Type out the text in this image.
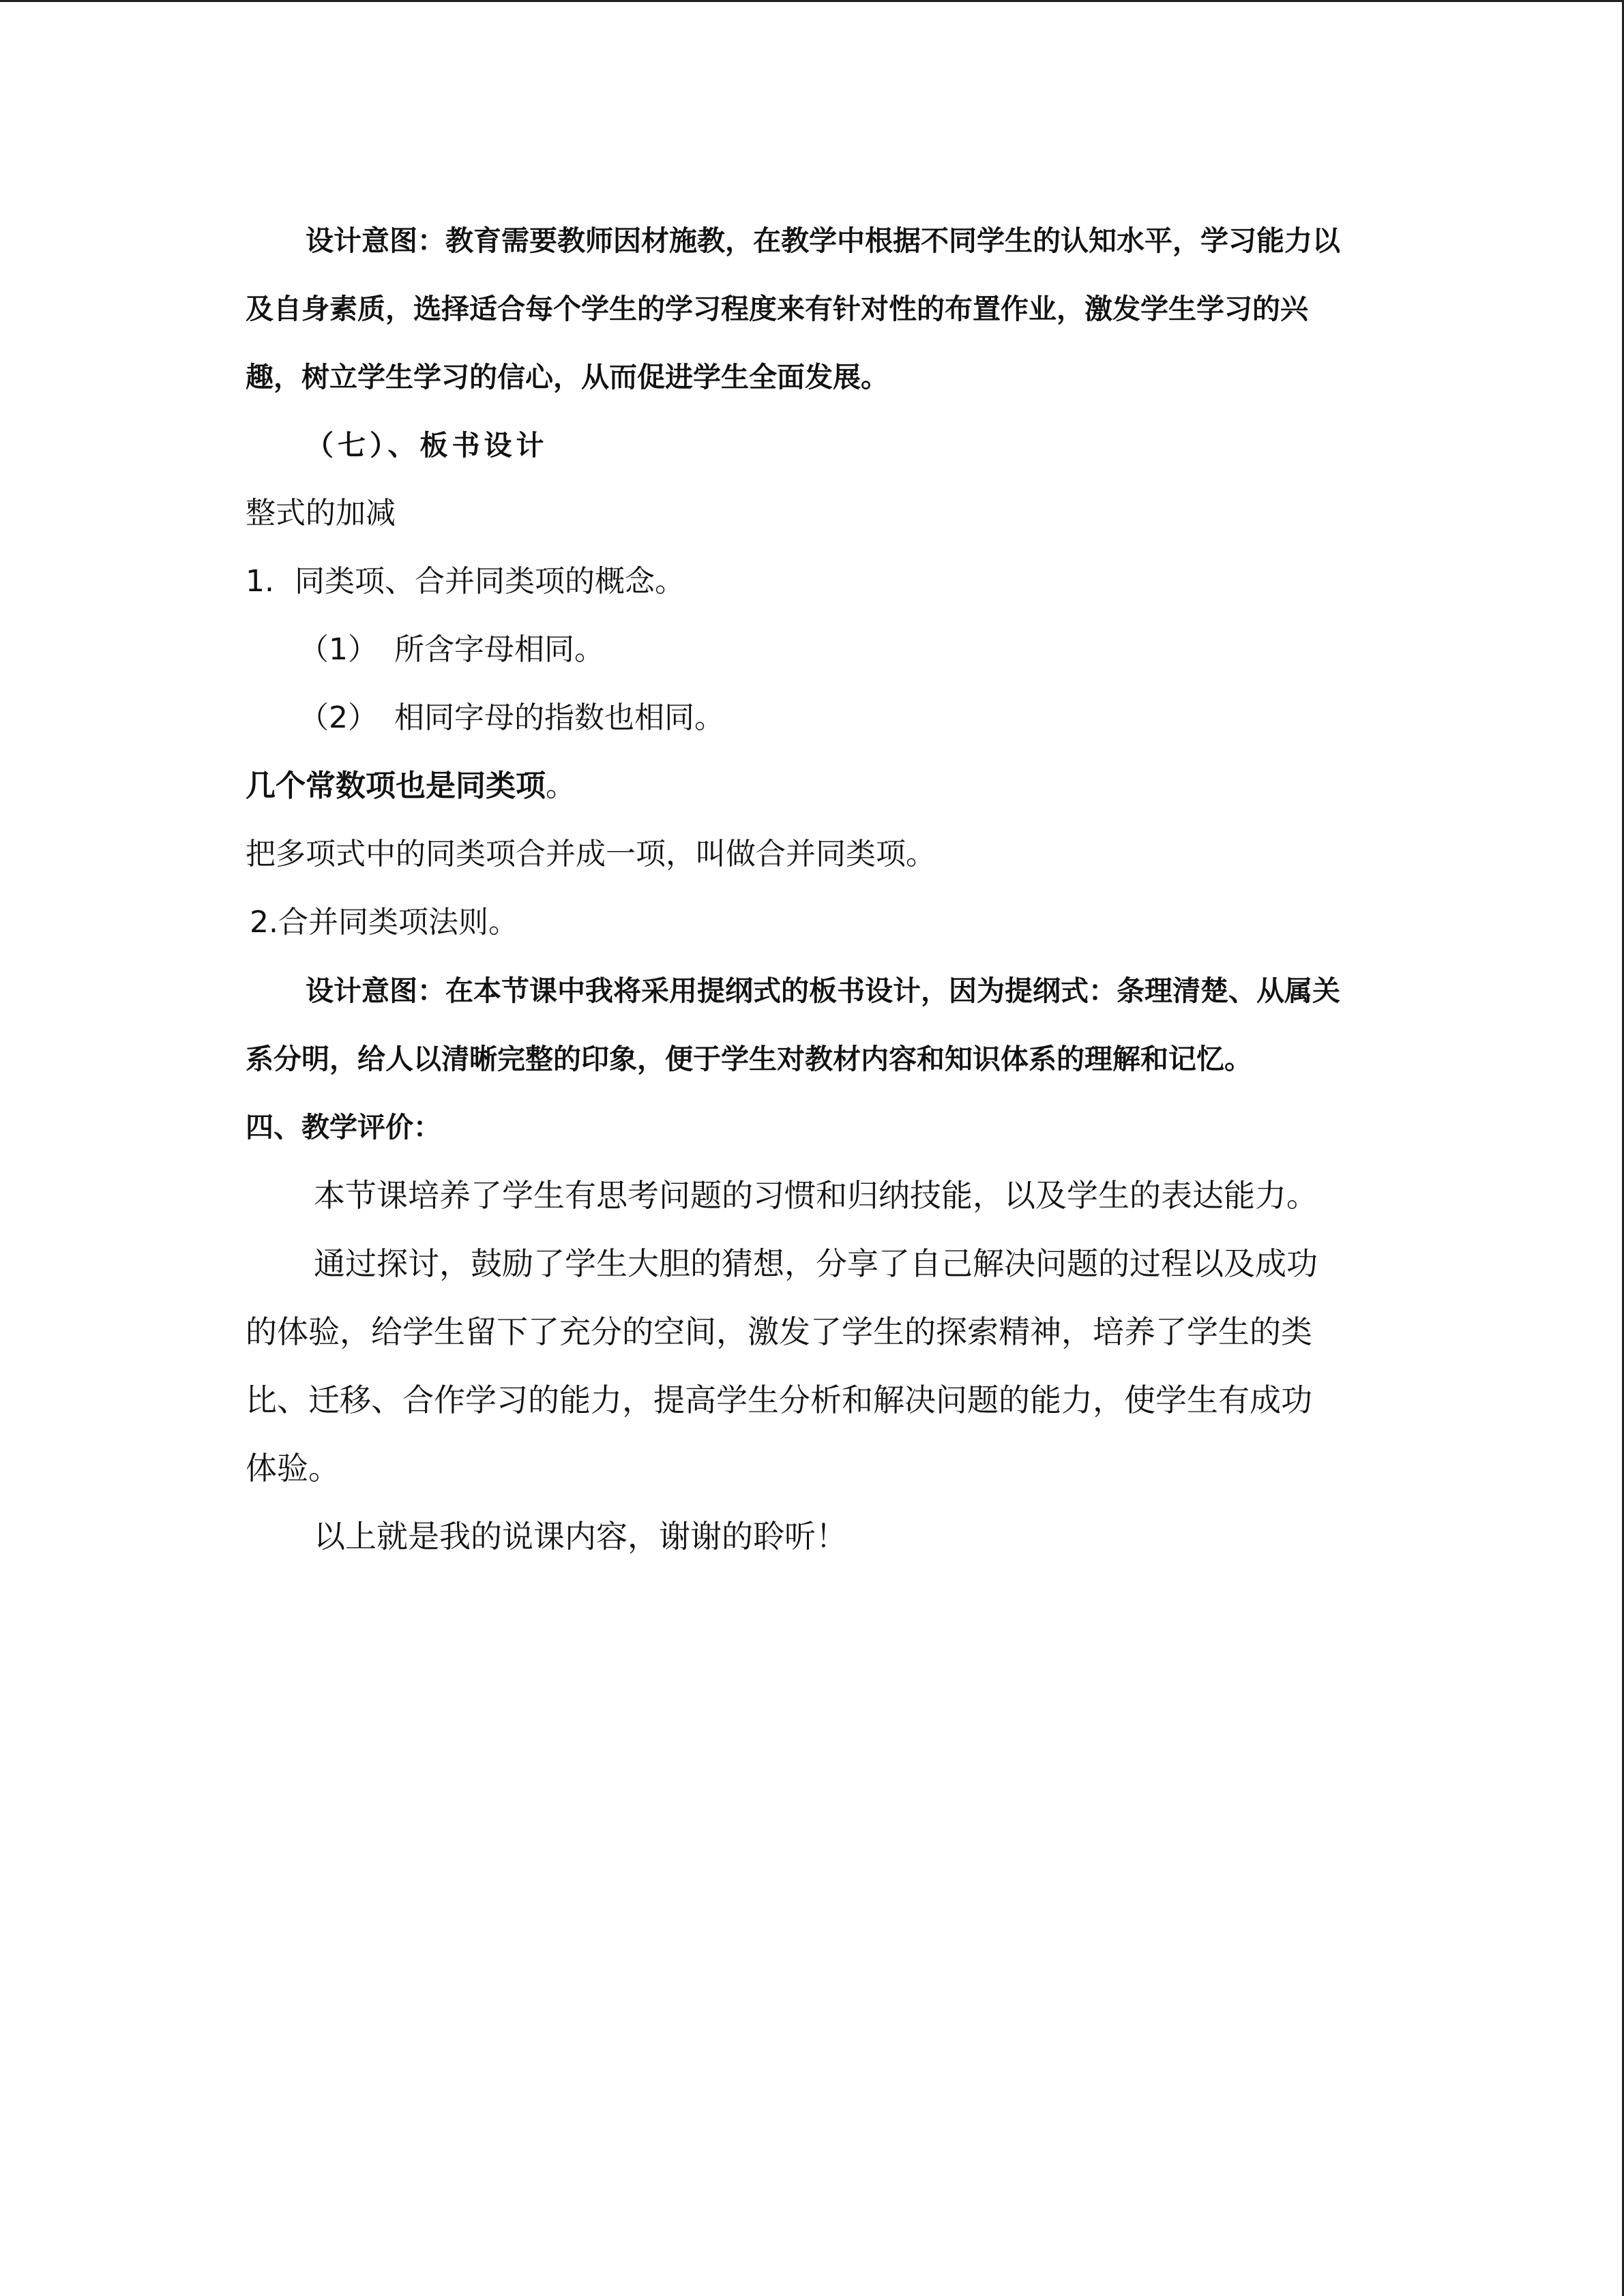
设计意图：教育需要教师因材施教，在教学中根据不同学生的认知水平，学习能力以

及自身素质，选择适合每个学生的学习程度来有针对性的布置作业，激发学生学习的兴

趣，树立学生学习的信心，从而促进学生全面发展。

（七）、板书设计

整式的加减

1. 同类项、合并同类项的概念。

（1） 所含字母相同。

（2） 相同字母的指数也相同。

几个常数项也是同类项。

把多项式中的同类项合并成一项，叫做合并同类项。

2.合并同类项法则。

设计意图：在本节课中我将采用提纲式的板书设计，因为提纲式：条理清楚、从属关

系分明，给人以清晰完整的印象，便于学生对教材内容和知识体系的理解和记忆。

四、教学评价：

本节课培养了学生有思考问题的习惯和归纳技能，以及学生的表达能力。

通过探讨，鼓励了学生大胆的猜想，分享了自己解决问题的过程以及成功

的体验，给学生留下了充分的空间，激发了学生的探索精神，培养了学生的类

比、迁移、合作学习的能力，提高学生分析和解决问题的能力，使学生有成功

体验。

以上就是我的说课内容，谢谢的聆听！
